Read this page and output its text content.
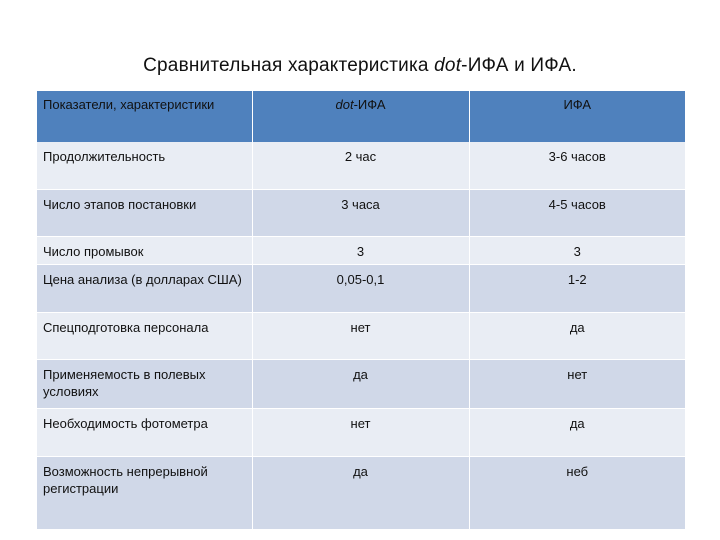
Сравнительная характеристика dot-ИФА и ИФА.
Показатели, характеристики	dot-ИФА	ИФА
Продолжительность	2 час	3-6 часов
Число этапов постановки	3 часа	4-5 часов
Число промывок	3	3
Цена анализа (в долларах США)	0,05-0,1	1-2
Спецподготовка персонала	нет	да
Применяемость в полевых условиях	да	нет
Необходимость фотометра	нет	да
Возможность непрерывной регистрации	да	неб
